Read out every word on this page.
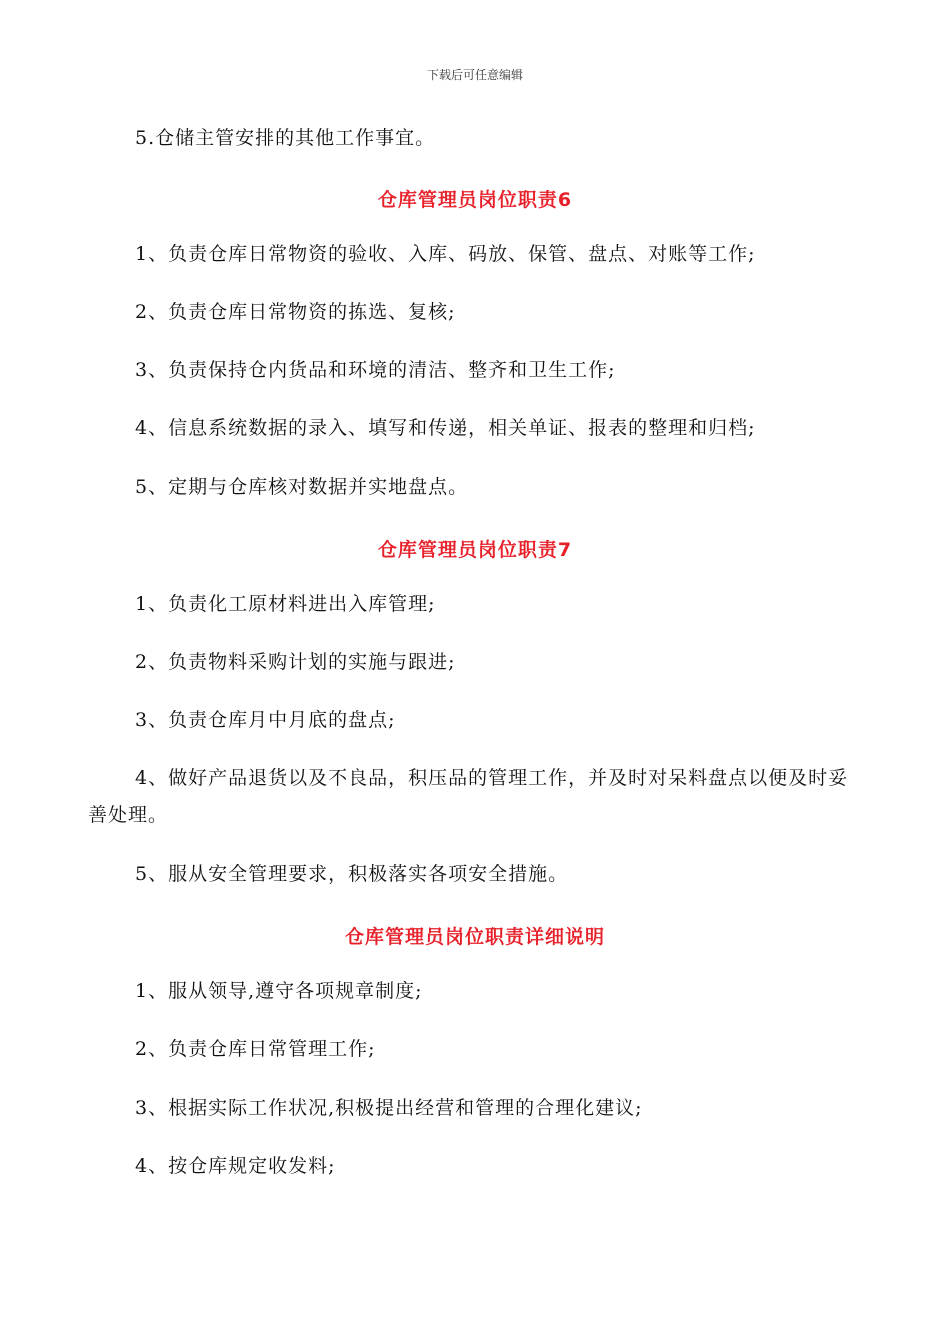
下载后可任意编辑
5.仓储主管安排的其他工作事宜。
仓库管理员岗位职责6
1、负责仓库日常物资的验收、入库、码放、保管、盘点、对账等工作;
2、负责仓库日常物资的拣选、复核;
3、负责保持仓内货品和环境的清洁、整齐和卫生工作;
4、信息系统数据的录入、填写和传递，相关单证、报表的整理和归档;
5、定期与仓库核对数据并实地盘点。
仓库管理员岗位职责7
1、负责化工原材料进出入库管理;
2、负责物料采购计划的实施与跟进;
3、负责仓库月中月底的盘点;
4、做好产品退货以及不良品，积压品的管理工作，并及时对呆料盘点以便及时妥善处理。
5、服从安全管理要求，积极落实各项安全措施。
仓库管理员岗位职责详细说明
1、服从领导,遵守各项规章制度;
2、负责仓库日常管理工作;
3、根据实际工作状况,积极提出经营和管理的合理化建议;
4、按仓库规定收发料;
